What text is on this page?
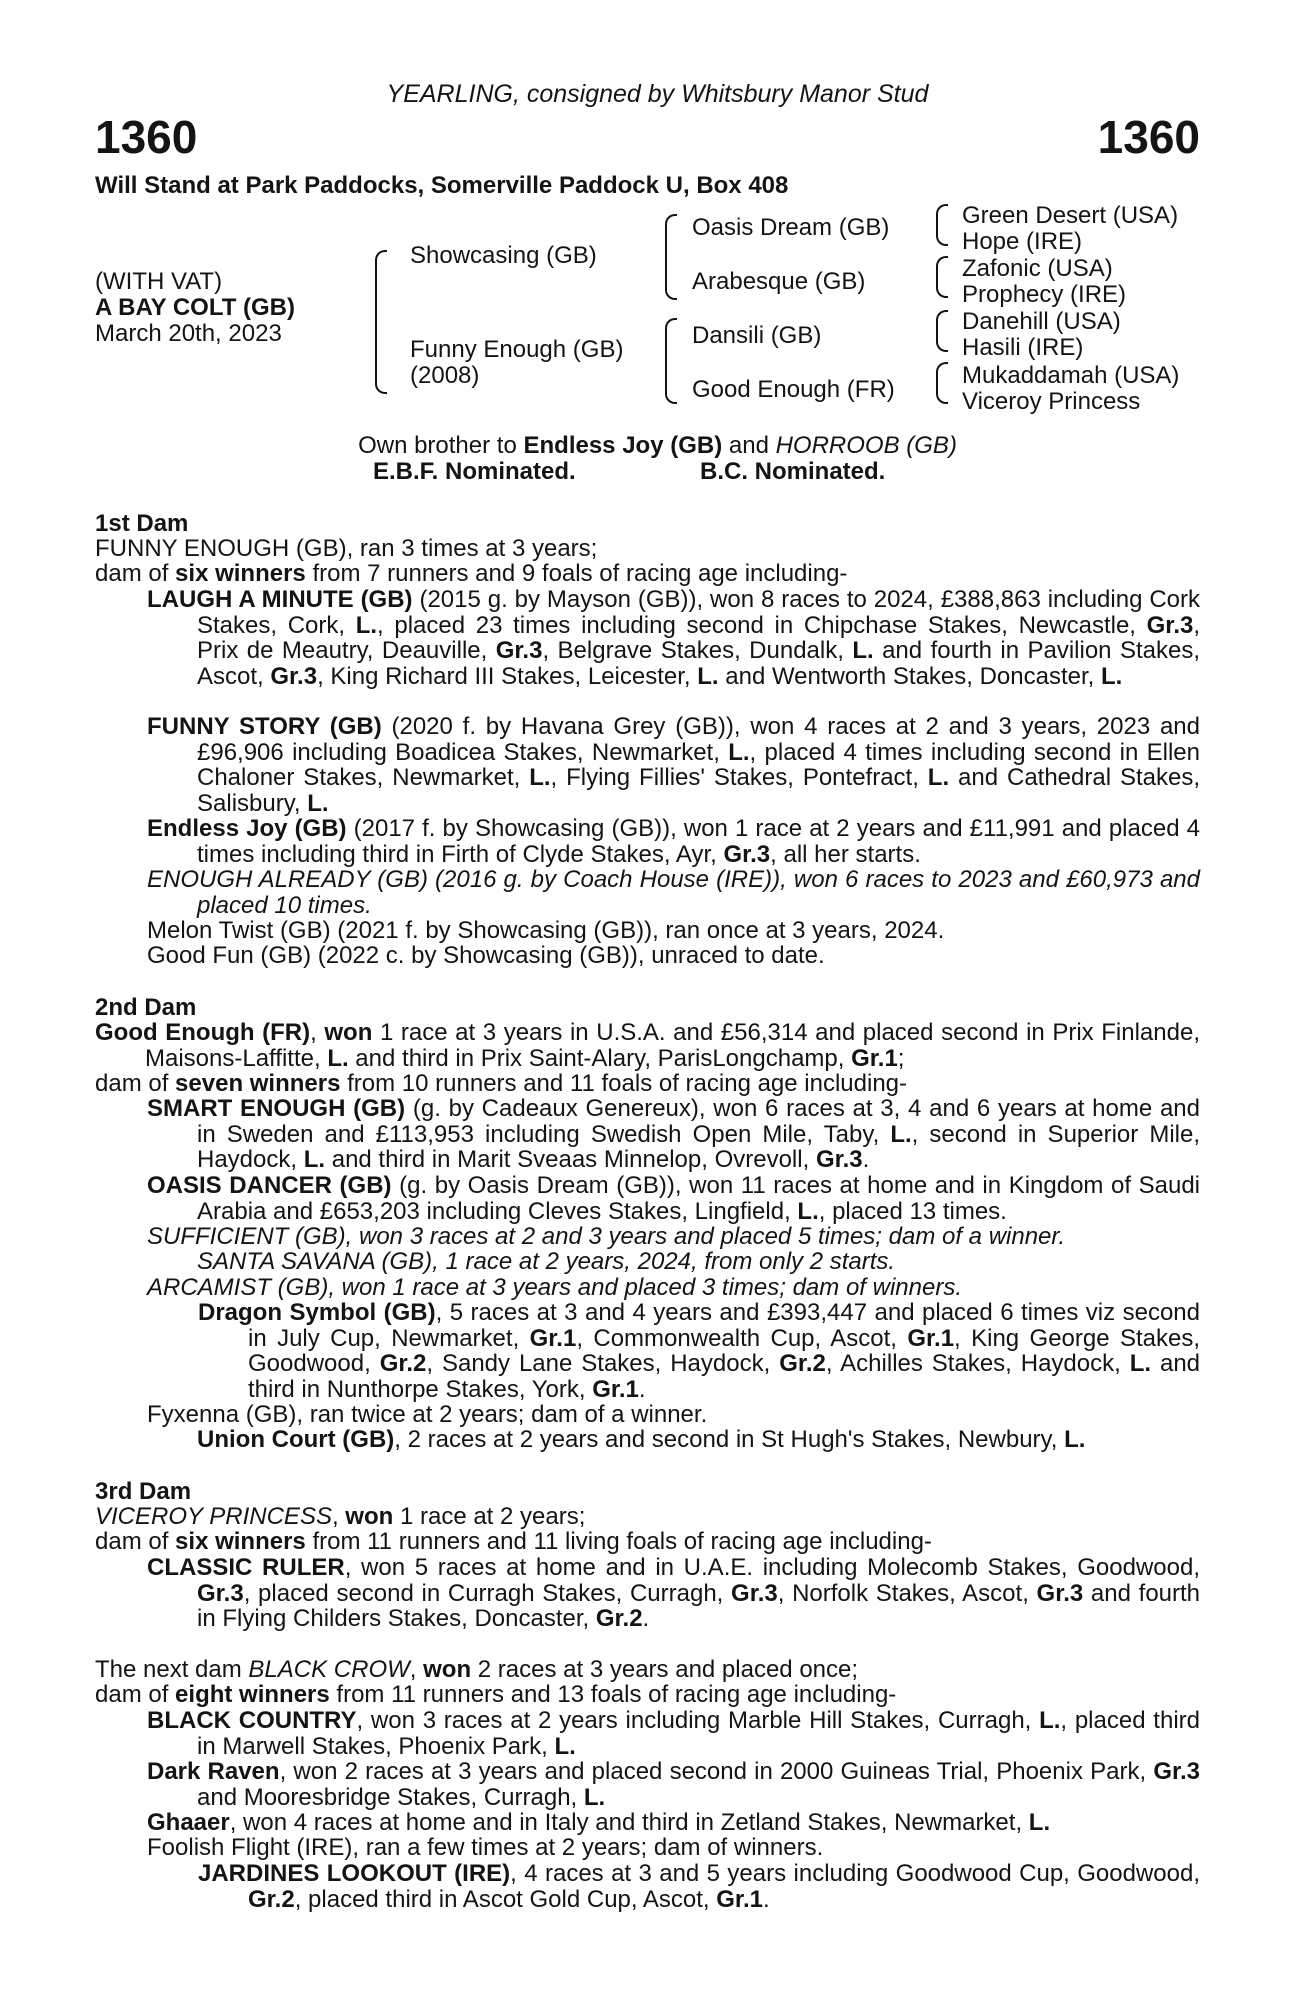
YEARLING, consigned by Whitsbury Manor Stud
1360	1360
Will Stand at Park Paddocks, Somerville Paddock U, Box 408
(WITH VAT)
A BAY COLT (GB)
March 20th, 2023
Showcasing (GB)
Funny Enough (GB)
(2008)
Oasis Dream (GB)
Arabesque (GB)
Dansili (GB)
Good Enough (FR)
Green Desert (USA)
Hope (IRE)
Zafonic (USA)
Prophecy (IRE)
Danehill (USA)
Hasili (IRE)
Mukaddamah (USA)
Viceroy Princess
Own brother to Endless Joy (GB) and HORROOB (GB)
E.B.F. Nominated.	B.C. Nominated.
1st Dam
FUNNY ENOUGH (GB), ran 3 times at 3 years;
dam of six winners from 7 runners and 9 foals of racing age including-
LAUGH A MINUTE (GB) (2015 g. by Mayson (GB)), won 8 races to 2024, £388,863 including Cork Stakes, Cork, L., placed 23 times including second in Chipchase Stakes, Newcastle, Gr.3, Prix de Meautry, Deauville, Gr.3, Belgrave Stakes, Dundalk, L. and fourth in Pavilion Stakes, Ascot, Gr.3, King Richard III Stakes, Leicester, L. and Wentworth Stakes, Doncaster, L.
FUNNY STORY (GB) (2020 f. by Havana Grey (GB)), won 4 races at 2 and 3 years, 2023 and £96,906 including Boadicea Stakes, Newmarket, L., placed 4 times including second in Ellen Chaloner Stakes, Newmarket, L., Flying Fillies' Stakes, Pontefract, L. and Cathedral Stakes, Salisbury, L.
Endless Joy (GB) (2017 f. by Showcasing (GB)), won 1 race at 2 years and £11,991 and placed 4 times including third in Firth of Clyde Stakes, Ayr, Gr.3, all her starts.
ENOUGH ALREADY (GB) (2016 g. by Coach House (IRE)), won 6 races to 2023 and £60,973 and placed 10 times.
Melon Twist (GB) (2021 f. by Showcasing (GB)), ran once at 3 years, 2024.
Good Fun (GB) (2022 c. by Showcasing (GB)), unraced to date.
2nd Dam
Good Enough (FR), won 1 race at 3 years in U.S.A. and £56,314 and placed second in Prix Finlande, Maisons-Laffitte, L. and third in Prix Saint-Alary, ParisLongchamp, Gr.1;
dam of seven winners from 10 runners and 11 foals of racing age including-
SMART ENOUGH (GB) (g. by Cadeaux Genereux), won 6 races at 3, 4 and 6 years at home and in Sweden and £113,953 including Swedish Open Mile, Taby, L., second in Superior Mile, Haydock, L. and third in Marit Sveaas Minnelop, Ovrevoll, Gr.3.
OASIS DANCER (GB) (g. by Oasis Dream (GB)), won 11 races at home and in Kingdom of Saudi Arabia and £653,203 including Cleves Stakes, Lingfield, L., placed 13 times.
SUFFICIENT (GB), won 3 races at 2 and 3 years and placed 5 times; dam of a winner.
SANTA SAVANA (GB), 1 race at 2 years, 2024, from only 2 starts.
ARCAMIST (GB), won 1 race at 3 years and placed 3 times; dam of winners.
Dragon Symbol (GB), 5 races at 3 and 4 years and £393,447 and placed 6 times viz second in July Cup, Newmarket, Gr.1, Commonwealth Cup, Ascot, Gr.1, King George Stakes, Goodwood, Gr.2, Sandy Lane Stakes, Haydock, Gr.2, Achilles Stakes, Haydock, L. and third in Nunthorpe Stakes, York, Gr.1.
Fyxenna (GB), ran twice at 2 years; dam of a winner.
Union Court (GB), 2 races at 2 years and second in St Hugh's Stakes, Newbury, L.
3rd Dam
VICEROY PRINCESS, won 1 race at 2 years;
dam of six winners from 11 runners and 11 living foals of racing age including-
CLASSIC RULER, won 5 races at home and in U.A.E. including Molecomb Stakes, Goodwood, Gr.3, placed second in Curragh Stakes, Curragh, Gr.3, Norfolk Stakes, Ascot, Gr.3 and fourth in Flying Childers Stakes, Doncaster, Gr.2.
The next dam BLACK CROW, won 2 races at 3 years and placed once;
dam of eight winners from 11 runners and 13 foals of racing age including-
BLACK COUNTRY, won 3 races at 2 years including Marble Hill Stakes, Curragh, L., placed third in Marwell Stakes, Phoenix Park, L.
Dark Raven, won 2 races at 3 years and placed second in 2000 Guineas Trial, Phoenix Park, Gr.3 and Mooresbridge Stakes, Curragh, L.
Ghaaer, won 4 races at home and in Italy and third in Zetland Stakes, Newmarket, L.
Foolish Flight (IRE), ran a few times at 2 years; dam of winners.
JARDINES LOOKOUT (IRE), 4 races at 3 and 5 years including Goodwood Cup, Goodwood, Gr.2, placed third in Ascot Gold Cup, Ascot, Gr.1.
